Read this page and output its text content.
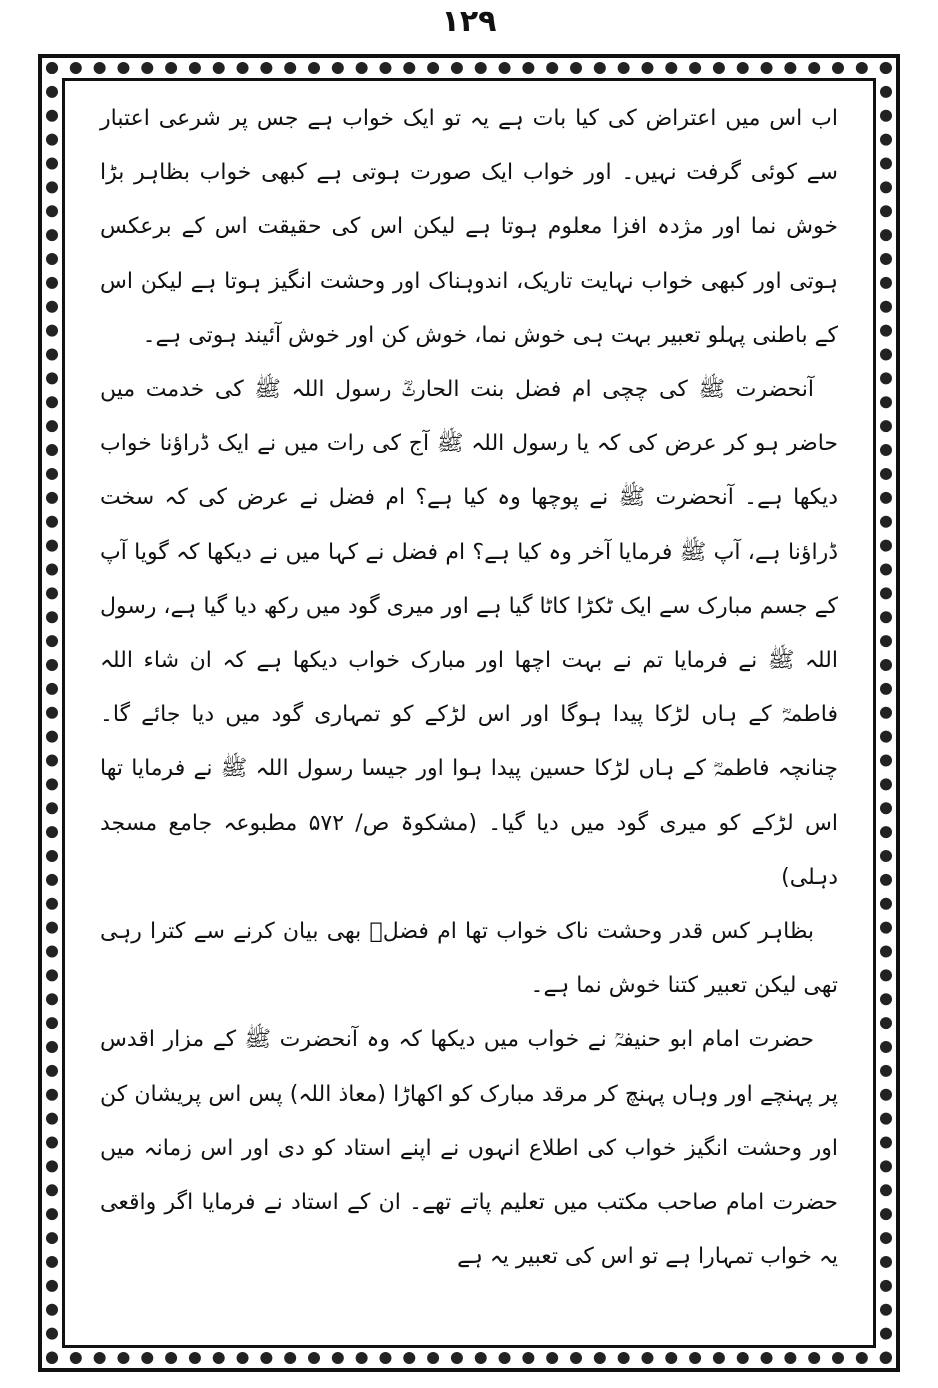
۱۲۹

اب اس میں اعتراض کی کیا بات ہے یہ تو ایک خواب ہے جس پر شرعی اعتبار سے کوئی گرفت نہیں۔ اور خواب ایک صورت ہوتی ہے کبھی خواب بظاہر بڑا خوش نما اور مژدہ افزا معلوم ہوتا ہے لیکن اس کی حقیقت اس کے برعکس ہوتی اور کبھی خواب نہایت تاریک، اندوہناک اور وحشت انگیز ہوتا ہے لیکن اس کے باطنی پہلو تعبیر بہت ہی خوش نما، خوش کن اور خوش آئیند ہوتی ہے۔

آنحضرت ﷺ کی چچی ام فضل بنت الحارثؓ رسول اللہ ﷺ کی خدمت میں حاضر ہو کر عرض کی کہ یا رسول اللہ ﷺ آج کی رات میں نے ایک ڈراؤنا خواب دیکھا ہے۔ آنحضرت ﷺ نے پوچھا وہ کیا ہے؟ ام فضل نے عرض کی کہ سخت ڈراؤنا ہے، آپ ﷺ فرمایا آخر وہ کیا ہے؟ ام فضل نے کہا میں نے دیکھا کہ گویا آپ کے جسم مبارک سے ایک ٹکڑا کاٹا گیا ہے اور میری گود میں رکھ دیا گیا ہے، رسول اللہ ﷺ نے فرمایا تم نے بہت اچھا اور مبارک خواب دیکھا ہے کہ ان شاء اللہ فاطمہؓ کے ہاں لڑکا پیدا ہوگا اور اس لڑکے کو تمہاری گود میں دیا جائے گا۔ چنانچہ فاطمہؓ کے ہاں لڑکا حسین پیدا ہوا اور جیسا رسول اللہ ﷺ نے فرمایا تھا اس لڑکے کو میری گود میں دیا گیا۔ (مشکوۃ ص/ ۵۷۲ مطبوعہ جامع مسجد دہلی)

بظاہر کس قدر وحشت ناک خواب تھا ام فضلؓ بھی بیان کرنے سے کترا رہی تھی لیکن تعبیر کتنا خوش نما ہے۔

حضرت امام ابو حنیفہؒ نے خواب میں دیکھا کہ وہ آنحضرت ﷺ کے مزار اقدس پر پہنچے اور وہاں پہنچ کر مرقد مبارک کو اکھاڑا (معاذ اللہ) پس اس پریشان کن اور وحشت انگیز خواب کی اطلاع انہوں نے اپنے استاد کو دی اور اس زمانہ میں حضرت امام صاحب مکتب میں تعلیم پاتے تھے۔ ان کے استاد نے فرمایا اگر واقعی یہ خواب تمہارا ہے تو اس کی تعبیر یہ ہے
